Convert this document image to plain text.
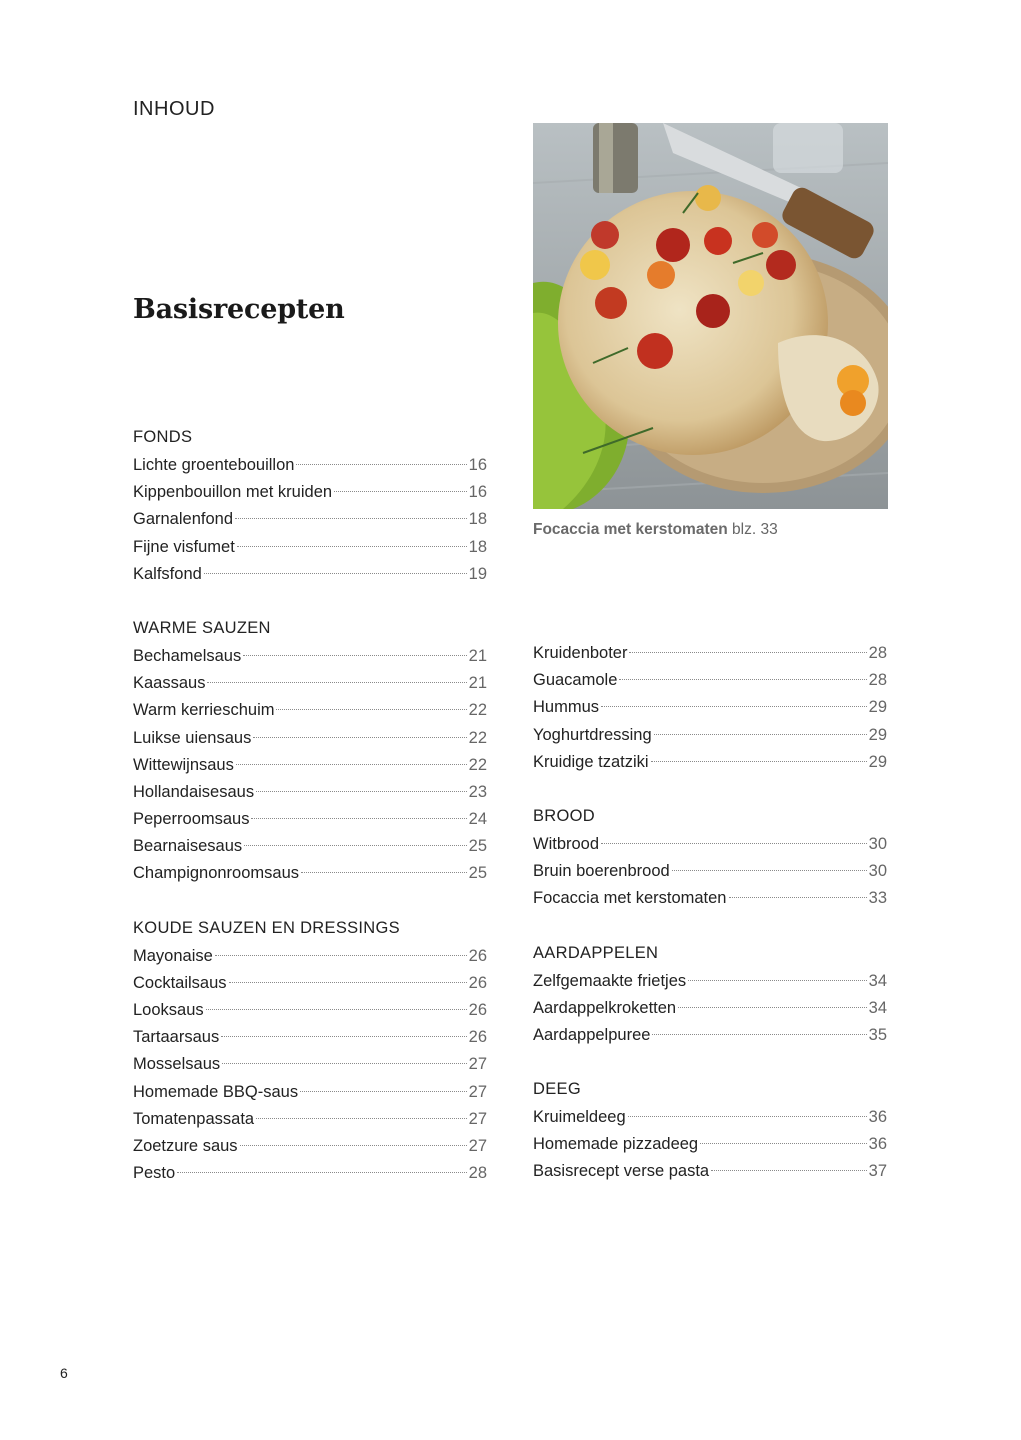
INHOUD
Basisrecepten
Focaccia met kerstomaten blz. 33
FONDS
Lichte groentebouillon	16
Kippenbouillon met kruiden	16
Garnalenfond	18
Fijne visfumet	18
Kalfsfond	19
WARME SAUZEN
Bechamelsaus	21
Kaassaus	21
Warm kerrieschuim	22
Luikse uiensaus	22
Wittewijnsaus	22
Hollandaisesaus	23
Peperroomsaus	24
Bearnaisesaus	25
Champignonroomsaus	25
KOUDE SAUZEN EN DRESSINGS
Mayonaise	26
Cocktailsaus	26
Looksaus	26
Tartaarsaus	26
Mosselsaus	27
Homemade BBQ-saus	27
Tomatenpassata	27
Zoetzure saus	27
Pesto	28
Kruidenboter	28
Guacamole	28
Hummus	29
Yoghurtdressing	29
Kruidige tzatziki	29
BROOD
Witbrood	30
Bruin boerenbrood	30
Focaccia met kerstomaten	33
AARDAPPELEN
Zelfgemaakte frietjes	34
Aardappelkroketten	34
Aardappelpuree	35
DEEG
Kruimeldeeg	36
Homemade pizzadeeg	36
Basisrecept verse pasta	37
6
